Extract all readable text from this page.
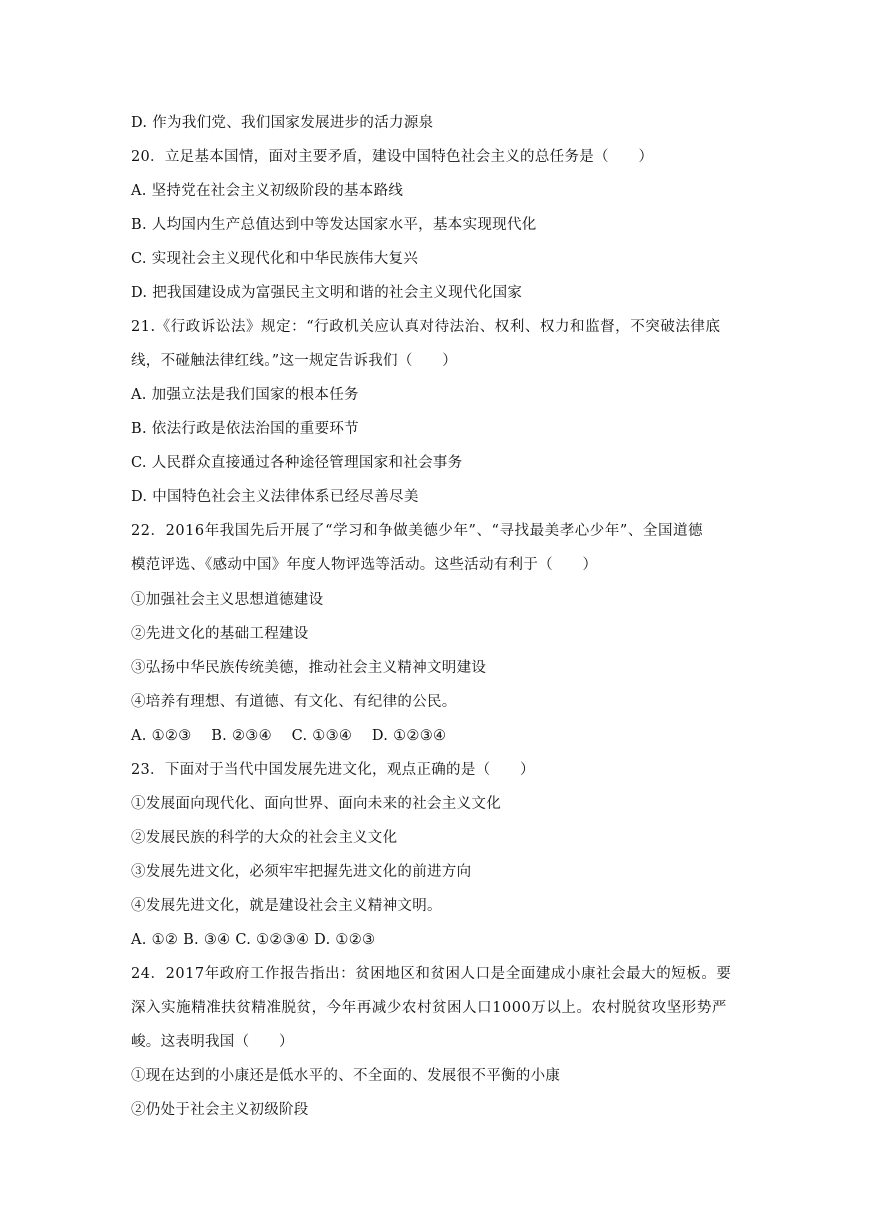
D. 作为我们党、我们国家发展进步的活力源泉
20．立足基本国情，面对主要矛盾，建设中国特色社会主义的总任务是（　　）
A. 坚持党在社会主义初级阶段的基本路线
B. 人均国内生产总值达到中等发达国家水平，基本实现现代化
C. 实现社会主义现代化和中华民族伟大复兴
D. 把我国建设成为富强民主文明和谐的社会主义现代化国家
21.《行政诉讼法》规定：“行政机关应认真对待法治、权利、权力和监督，不突破法律底
线，不碰触法律红线。”这一规定告诉我们（　　）
A. 加强立法是我们国家的根本任务
B. 依法行政是依法治国的重要环节
C. 人民群众直接通过各种途径管理国家和社会事务
D. 中国特色社会主义法律体系已经尽善尽美
22．2016年我国先后开展了“学习和争做美德少年”、“寻找最美孝心少年”、全国道德
模范评选、《感动中国》年度人物评选等活动。这些活动有利于（　　）
①加强社会主义思想道德建设
②先进文化的基础工程建设
③弘扬中华民族传统美德，推动社会主义精神文明建设
④培养有理想、有道德、有文化、有纪律的公民。
A. ①②③　 B. ②③④　 C. ①③④　 D. ①②③④
23．下面对于当代中国发展先进文化，观点正确的是（　　）
①发展面向现代化、面向世界、面向未来的社会主义文化
②发展民族的科学的大众的社会主义文化
③发展先进文化，必须牢牢把握先进文化的前进方向
④发展先进文化，就是建设社会主义精神文明。
A. ①② B. ③④ C. ①②③④ D. ①②③
24．2017年政府工作报告指出：贫困地区和贫困人口是全面建成小康社会最大的短板。要
深入实施精准扶贫精准脱贫，今年再减少农村贫困人口1000万以上。农村脱贫攻坚形势严
峻。这表明我国（　　）
①现在达到的小康还是低水平的、不全面的、发展很不平衡的小康
②仍处于社会主义初级阶段
